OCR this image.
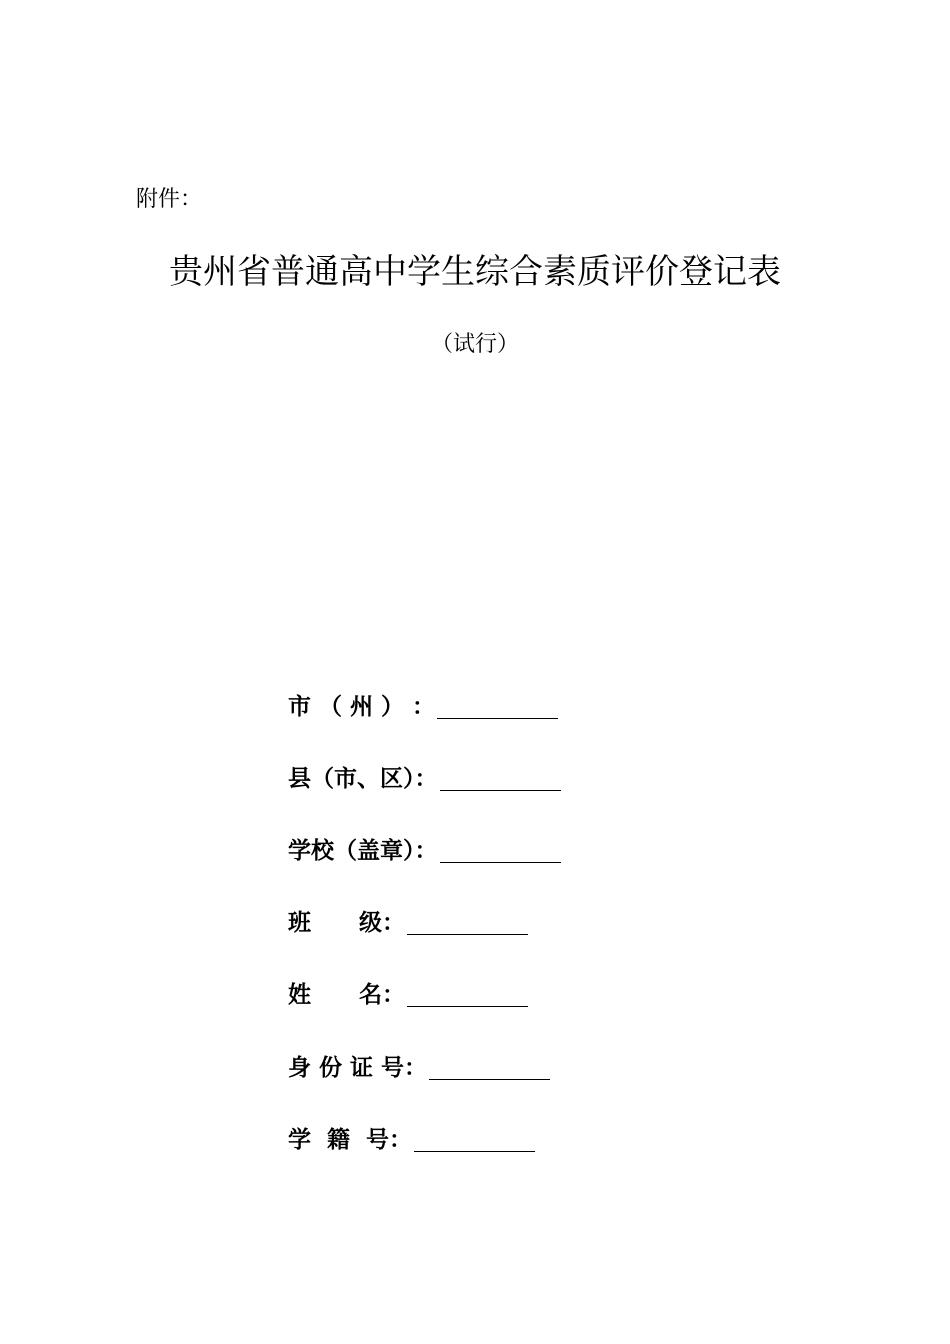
附件：
贵州省普通高中学生综合素质评价登记表
（试行）
市 （ 州 ） ：
县（市、区）：
学校（盖章）：
班      级：
姓      名：
身 份 证 号：
学  籍  号：
